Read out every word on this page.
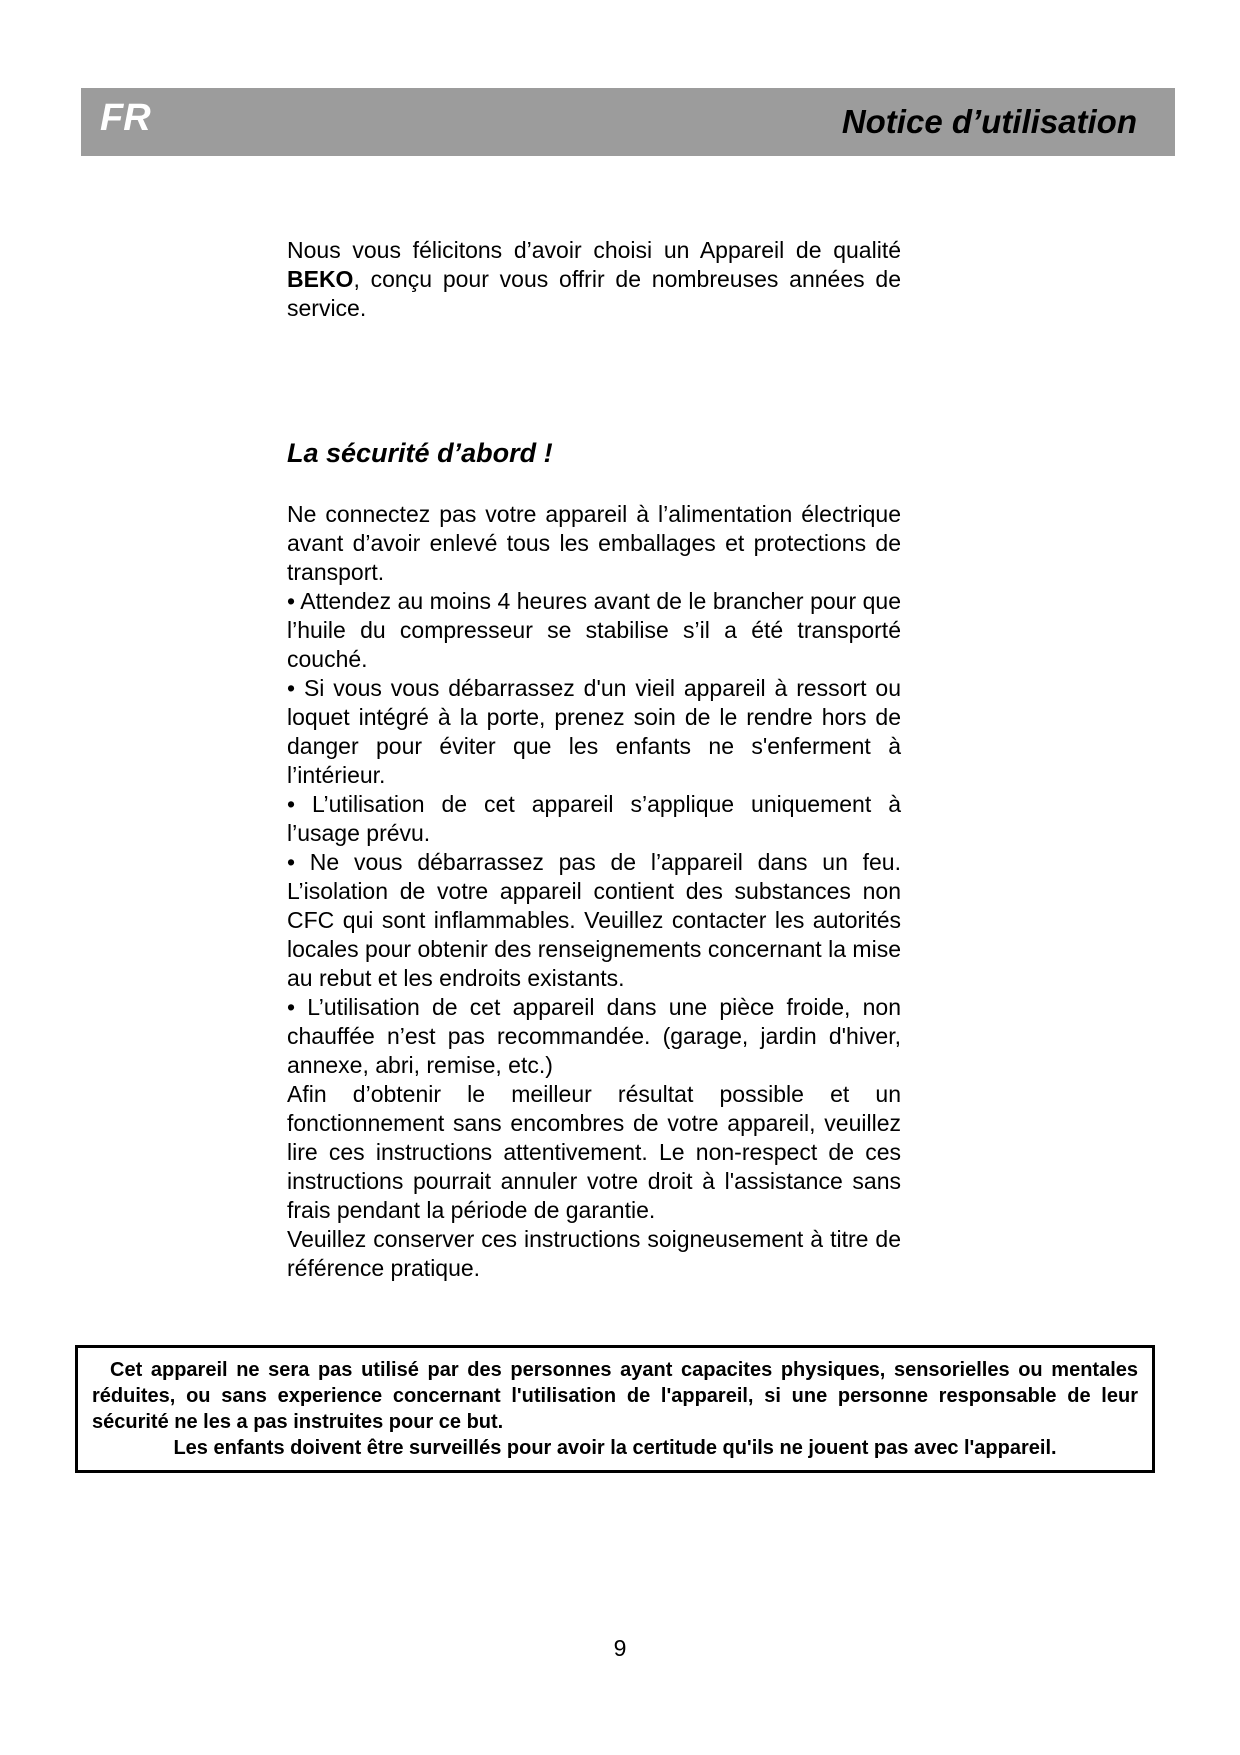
FR	Notice d’utilisation
Nous vous félicitons d’avoir choisi un Appareil de qualité BEKO, conçu pour vous offrir de nombreuses années de service.
La sécurité d’abord !

Ne connectez pas votre appareil à l’alimentation électrique avant d’avoir enlevé tous les emballages et protections de transport.

• Attendez au moins 4 heures avant de le brancher pour que l’huile du compresseur se stabilise s’il a été transporté couché.

• Si vous vous débarrassez d'un vieil appareil à ressort ou loquet intégré à la porte, prenez soin de le rendre hors de danger pour éviter que les enfants ne s'enferment à l’intérieur.

• L’utilisation de cet appareil s’applique uniquement à l’usage prévu.

• Ne vous débarrassez pas de l’appareil dans un feu. L’isolation de votre appareil contient des substances non CFC qui sont inflammables. Veuillez contacter les autorités locales pour obtenir des renseignements concernant la mise au rebut et les endroits existants.

• L’utilisation de cet appareil dans une pièce froide, non chauffée n’est pas recommandée. (garage, jardin d'hiver, annexe, abri, remise, etc.)

Afin d’obtenir le meilleur résultat possible et un fonctionnement sans encombres de votre appareil, veuillez lire ces instructions attentivement. Le non-respect de ces instructions pourrait annuler votre droit à l'assistance sans frais pendant la période de garantie.

Veuillez conserver ces instructions soigneusement à titre de référence pratique.

Cet appareil ne sera pas utilisé par des personnes ayant capacites physiques, sensorielles ou mentales réduites, ou sans experience concernant l'utilisation de l'appareil, si une personne responsable de leur sécurité ne les a pas instruites pour ce but.

Les enfants doivent être surveillés pour avoir la certitude qu'ils ne jouent pas avec l'appareil.

9
